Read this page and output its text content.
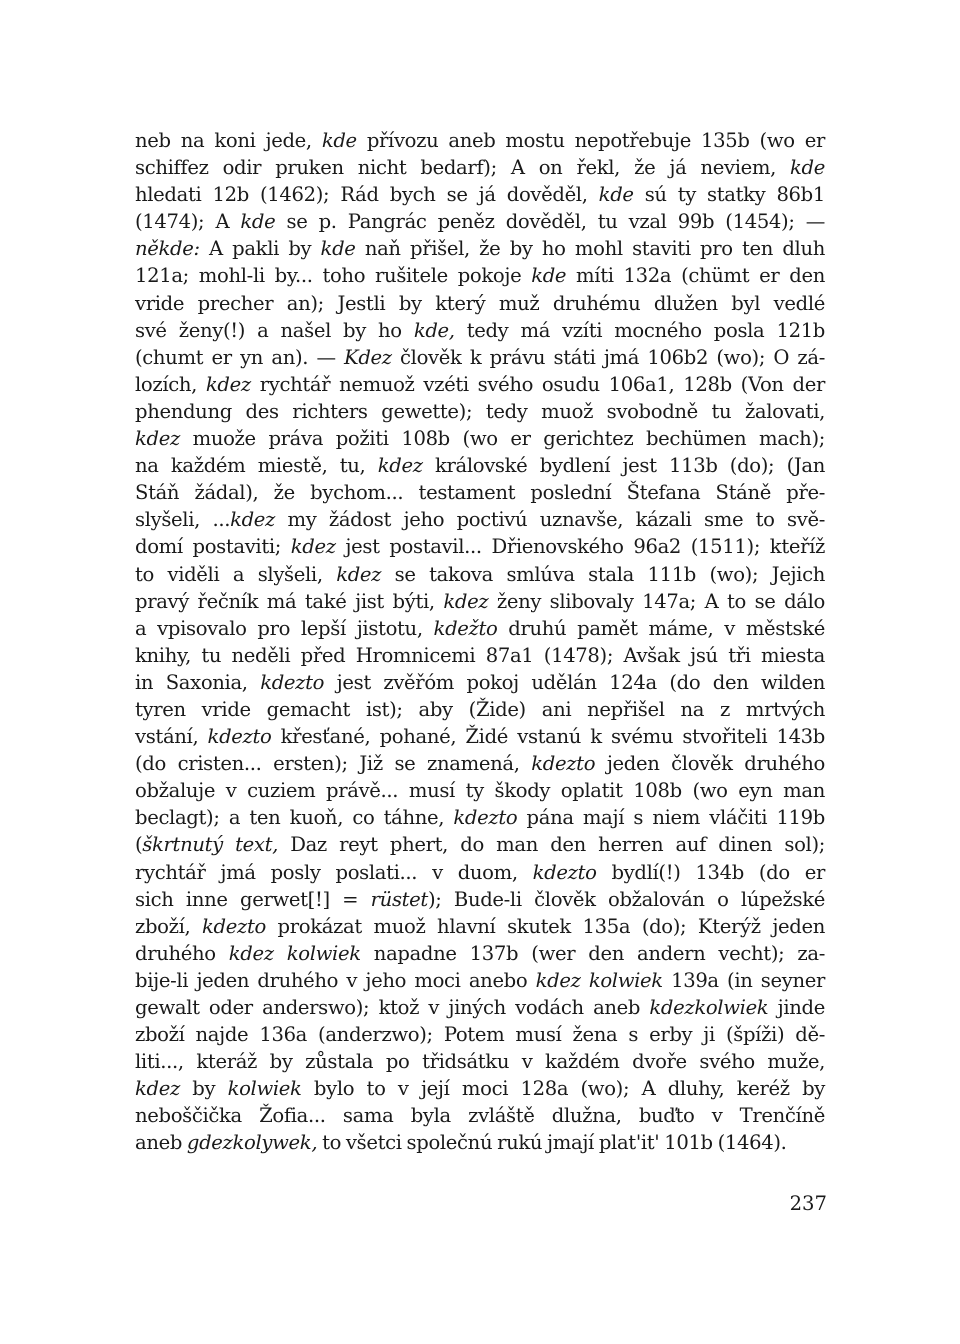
neb na koni jede, kde přívozu aneb mostu nepotřebuje 135b (wo er
schiffez odir pruken nicht bedarf); A on řekl, že já neviem, kde
hledati 12b (1462); Rád bych se já dověděl, kde sú ty statky 86b1
(1474); A kde se p. Pangrác peněz dověděl, tu vzal 99b (1454); —
někde: A pakli by kde naň přišel, že by ho mohl staviti pro ten dluh
121a; mohl-li by... toho rušitele pokoje kde míti 132a (chümt er den
vride precher an); Jestli by který muž druhému dlužen byl vedlé
své ženy(!) a našel by ho kde, tedy má vzíti mocného posla 121b
(chumt er yn an). — Kdez člověk k právu státi jmá 106b2 (wo); O zá-
lozích, kdez rychtář nemuož vzéti svého osudu 106a1, 128b (Von der
phendung des richters gewette); tedy muož svobodně tu žalovati,
kdez muože práva požiti 108b (wo er gerichtez bechümen mach);
na každém miestě, tu, kdez královské bydlení jest 113b (do); (Jan
Stáň žádal), že bychom... testament poslední Štefana Stáně pře-
slyšeli, ...kdez my žádost jeho poctivú uznavše, kázali sme to svě-
domí postaviti; kdez jest postavil... Dřienovského 96a2 (1511); kteříž
to viděli a slyšeli, kdez se takova smlúva stala 111b (wo); Jejich
pravý řečník má také jist býti, kdez ženy slibovaly 147a; A to se dálo
a vpisovalo pro lepší jistotu, kdežto druhú pamět máme, v městské
knihy, tu neděli před Hromnicemi 87a1 (1478); Avšak jsú tři miesta
in Saxonia, kdezto jest zvěřóm pokoj udělán 124a (do den wilden
tyren vride gemacht ist); aby (Žide) ani nepřišel na z mrtvých
vstání, kdezto křesťané, pohané, Židé vstanú k svému stvořiteli 143b
(do cristen... ersten); Již se znamená, kdezto jeden člověk druhého
obžaluje v cuziem právě... musí ty škody oplatit 108b (wo eyn man
beclagt); a ten kuoň, co táhne, kdezto pána mají s niem vláčiti 119b
(škrtnutý text, Daz reyt phert, do man den herren auf dinen sol);
rychtář jmá posly poslati... v duom, kdezto bydlí(!) 134b (do er
sich inne gerwet[!] = rüstet); Bude-li člověk obžalován o lúpežské
zboží, kdezto prokázat muož hlavní skutek 135a (do); Kterýž jeden
druhého kdez kolwiek napadne 137b (wer den andern vecht); za-
bije-li jeden druhého v jeho moci anebo kdez kolwiek 139a (in seyner
gewalt oder anderswo); ktož v jiných vodách aneb kdezkolwiek jinde
zboží najde 136a (anderzwo); Potem musí žena s erby ji (špíži) dě-
liti..., kteráž by zůstala po třidsátku v každém dvoře svého muže,
kdez by kolwiek bylo to v její moci 128a (wo); A dluhy, keréž by
nebоščička Žofia... sama byla zvláště dlužna, buďto v Trenčíně
aneb gdezkolywek, to všetci společnú rukú jmají plat'it' 101b (1464).
237
